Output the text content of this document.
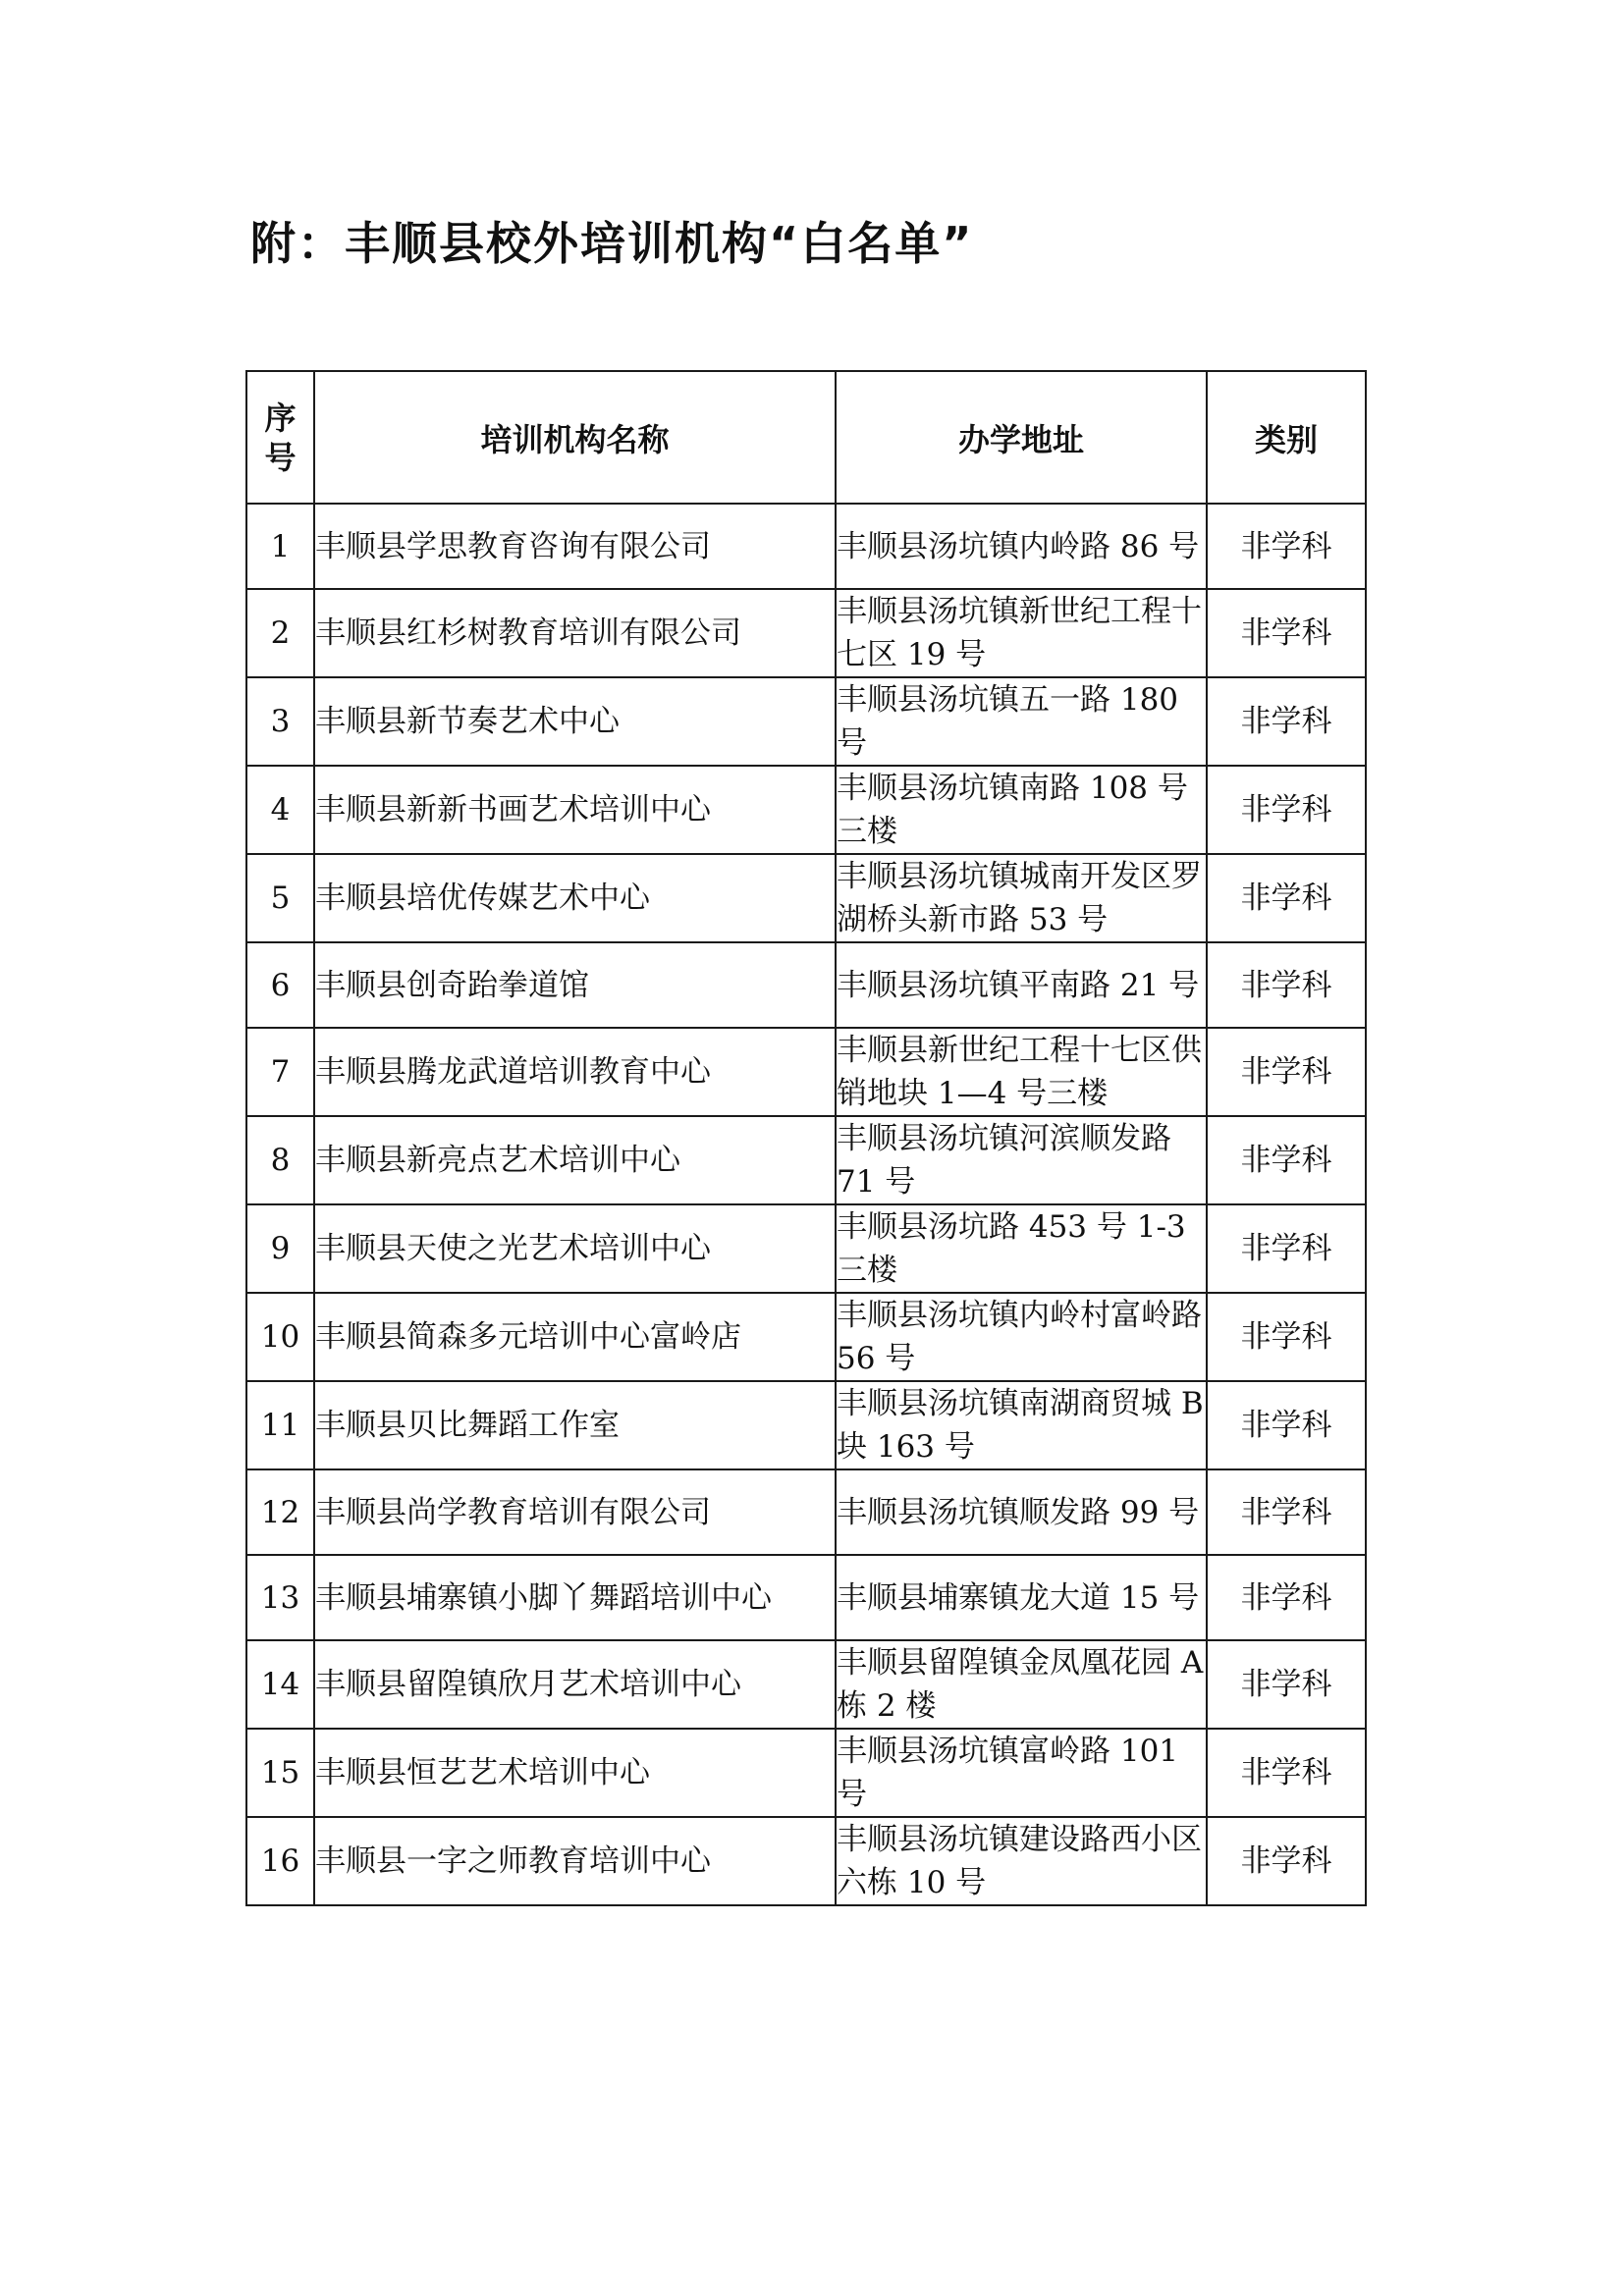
附：丰顺县校外培训机构“白名单”
序号	培训机构名称	办学地址	类别
1	丰顺县学思教育咨询有限公司	丰顺县汤坑镇内岭路 86 号	非学科
2	丰顺县红杉树教育培训有限公司	丰顺县汤坑镇新世纪工程十七区 19 号	非学科
3	丰顺县新节奏艺术中心	丰顺县汤坑镇五一路 180 号	非学科
4	丰顺县新新书画艺术培训中心	丰顺县汤坑镇南路 108 号三楼	非学科
5	丰顺县培优传媒艺术中心	丰顺县汤坑镇城南开发区罗湖桥头新市路 53 号	非学科
6	丰顺县创奇跆拳道馆	丰顺县汤坑镇平南路 21 号	非学科
7	丰顺县腾龙武道培训教育中心	丰顺县新世纪工程十七区供销地块 1—4 号三楼	非学科
8	丰顺县新亮点艺术培训中心	丰顺县汤坑镇河滨顺发路 71 号	非学科
9	丰顺县天使之光艺术培训中心	丰顺县汤坑路 453 号 1-3 三楼	非学科
10	丰顺县简森多元培训中心富岭店	丰顺县汤坑镇内岭村富岭路 56 号	非学科
11	丰顺县贝比舞蹈工作室	丰顺县汤坑镇南湖商贸城 B 块 163 号	非学科
12	丰顺县尚学教育培训有限公司	丰顺县汤坑镇顺发路 99 号	非学科
13	丰顺县埔寨镇小脚丫舞蹈培训中心	丰顺县埔寨镇龙大道 15 号	非学科
14	丰顺县留隍镇欣月艺术培训中心	丰顺县留隍镇金凤凰花园 A 栋 2 楼	非学科
15	丰顺县恒艺艺术培训中心	丰顺县汤坑镇富岭路 101 号	非学科
16	丰顺县一字之师教育培训中心	丰顺县汤坑镇建设路西小区六栋 10 号	非学科
